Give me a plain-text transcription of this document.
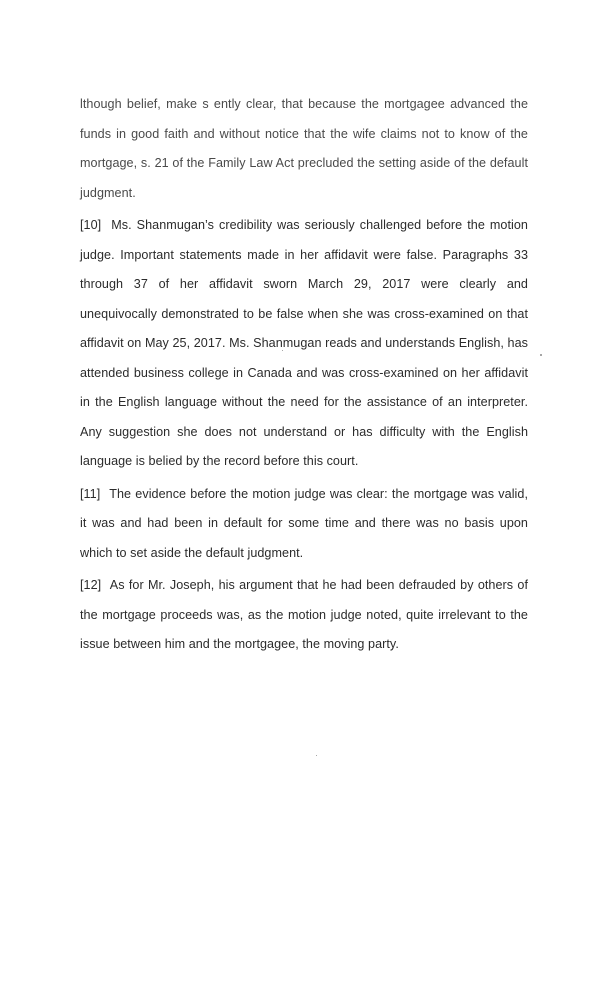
lthough belief, make s ently clear, that because the mortgagee advanced the funds in good faith and without notice that the wife claims not to know of the mortgage, s. 21 of the Family Law Act precluded the setting aside of the default judgment.

[10] Ms. Shanmugan’s credibility was seriously challenged before the motion judge. Important statements made in her affidavit were false. Paragraphs 33 through 37 of her affidavit sworn March 29, 2017 were clearly and unequivocally demonstrated to be false when she was cross-examined on that affidavit on May 25, 2017. Ms. Shanmugan reads and understands English, has attended business college in Canada and was cross-examined on her affidavit in the English language without the need for the assistance of an interpreter. Any suggestion she does not understand or has difficulty with the English language is belied by the record before this court.

[11] The evidence before the motion judge was clear: the mortgage was valid, it was and had been in default for some time and there was no basis upon which to set aside the default judgment.

[12] As for Mr. Joseph, his argument that he had been defrauded by others of the mortgage proceeds was, as the motion judge noted, quite irrelevant to the issue between him and the mortgagee, the moving party.
